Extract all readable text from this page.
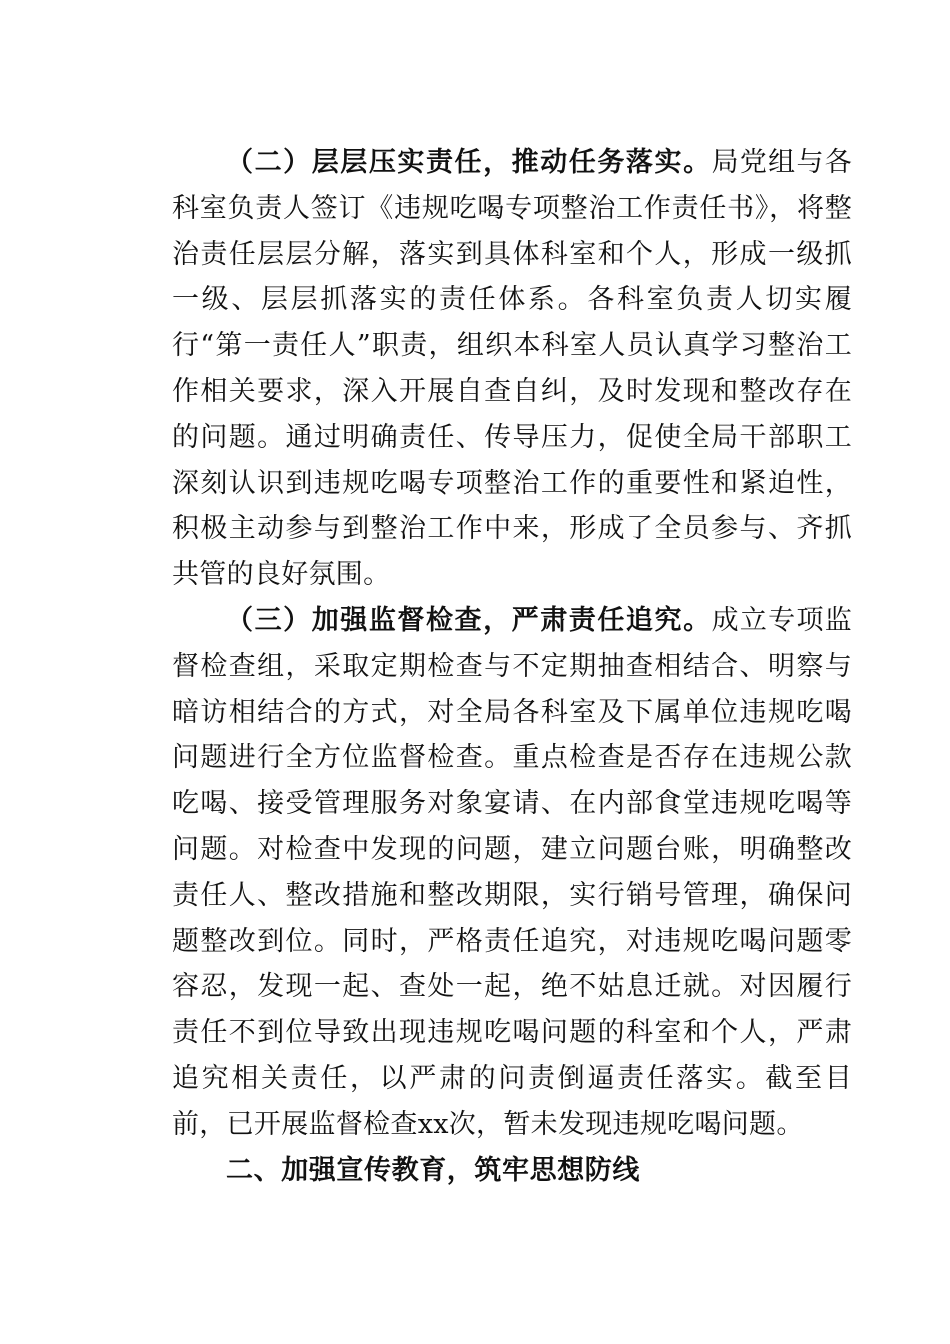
（二）层层压实责任，推动任务落实。局党组与各科室负责人签订《违规吃喝专项整治工作责任书》，将整治责任层层分解，落实到具体科室和个人，形成一级抓一级、层层抓落实的责任体系。各科室负责人切实履行“第一责任人”职责，组织本科室人员认真学习整治工作相关要求，深入开展自查自纠，及时发现和整改存在的问题。通过明确责任、传导压力，促使全局干部职工深刻认识到违规吃喝专项整治工作的重要性和紧迫性，积极主动参与到整治工作中来，形成了全员参与、齐抓共管的良好氛围。

（三）加强监督检查，严肃责任追究。成立专项监督检查组，采取定期检查与不定期抽查相结合、明察与暗访相结合的方式，对全局各科室及下属单位违规吃喝问题进行全方位监督检查。重点检查是否存在违规公款吃喝、接受管理服务对象宴请、在内部食堂违规吃喝等问题。对检查中发现的问题，建立问题台账，明确整改责任人、整改措施和整改期限，实行销号管理，确保问题整改到位。同时，严格责任追究，对违规吃喝问题零容忍，发现一起、查处一起，绝不姑息迁就。对因履行责任不到位导致出现违规吃喝问题的科室和个人，严肃追究相关责任，以严肃的问责倒逼责任落实。截至目前，已开展监督检查xx次，暂未发现违规吃喝问题。

二、加强宣传教育，筑牢思想防线
